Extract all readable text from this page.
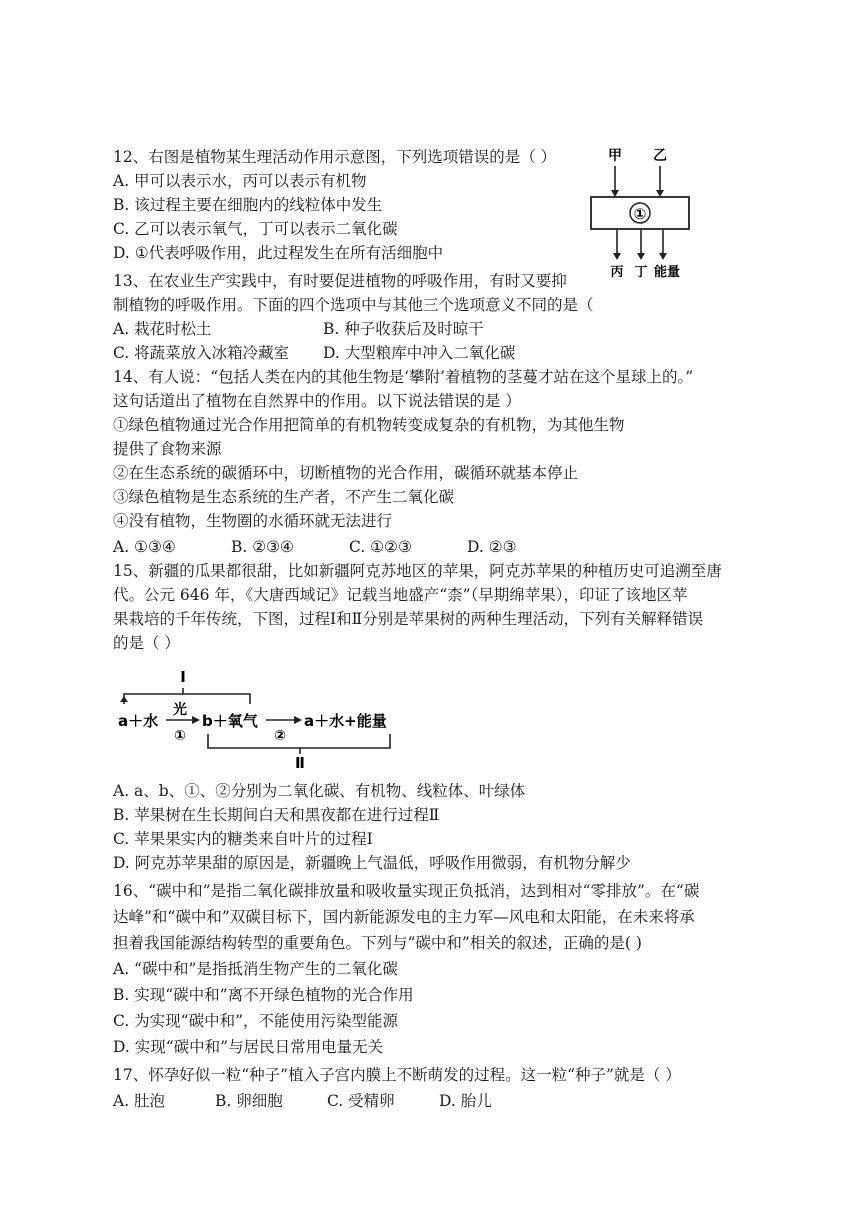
12、右图是植物某生理活动作用示意图，下列选项错误的是（ ）
A. 甲可以表示水，丙可以表示有机物
B. 该过程主要在细胞内的线粒体中发生
C. 乙可以表示氧气，丁可以表示二氧化碳
D. ①代表呼吸作用，此过程发生在所有活细胞中
甲 乙
①
丙 丁 能量
13、在农业生产实践中，有时要促进植物的呼吸作用，有时又要抑
制植物的呼吸作用。下面的四个选项中与其他三个选项意义不同的是（
A. 栽花时松土	B. 种子收获后及时晾干
C. 将蔬菜放入冰箱冷藏室 D. 大型粮库中冲入二氧化碳
14、有人说：“包括人类在内的其他生物是‘攀附’着植物的茎蔓才站在这个星球上的。”
这句话道出了植物在自然界中的作用。以下说法错误的是 ）
①绿色植物通过光合作用把简单的有机物转变成复杂的有机物，为其他生物
提供了食物来源
②在生态系统的碳循环中，切断植物的光合作用，碳循环就基本停止
③绿色植物是生态系统的生产者，不产生二氧化碳
④没有植物，生物圈的水循环就无法进行
A. ①③④	B. ②③④	C. ①②③	D. ②③
15、新疆的瓜果都很甜，比如新疆阿克苏地区的苹果，阿克苏苹果的种植历史可追溯至唐
代。公元 646 年，《大唐西域记》记载当地盛产“柰”（早期绵苹果），印证了该地区苹
果栽培的千年传统，下图，过程Ⅰ和Ⅱ分别是苹果树的两种生理活动，下列有关解释错误
的是（ ）
Ⅰ
a＋水
光
①
b＋氧气
②
a＋水+能量
Ⅱ
A. a、b、①、②分别为二氧化碳、有机物、线粒体、叶绿体
B. 苹果树在生长期间白天和黑夜都在进行过程Ⅱ
C. 苹果果实内的糖类来自叶片的过程Ⅰ
D. 阿克苏苹果甜的原因是，新疆晚上气温低，呼吸作用微弱，有机物分解少
16、“碳中和”是指二氧化碳排放量和吸收量实现正负抵消，达到相对“零排放”。在“碳
达峰”和“碳中和”双碳目标下，国内新能源发电的主力军—风电和太阳能，在未来将承
担着我国能源结构转型的重要角色。下列与“碳中和”相关的叙述，正确的是( )
A. “碳中和”是指抵消生物产生的二氧化碳
B. 实现“碳中和”离不开绿色植物的光合作用
C. 为实现“碳中和”，不能使用污染型能源
D. 实现“碳中和”与居民日常用电量无关
17、怀孕好似一粒“种子”植入子宫内膜上不断萌发的过程。这一粒“种子”就是（ ）
A. 肚泡	B. 卵细胞	C. 受精卵	D. 胎儿
